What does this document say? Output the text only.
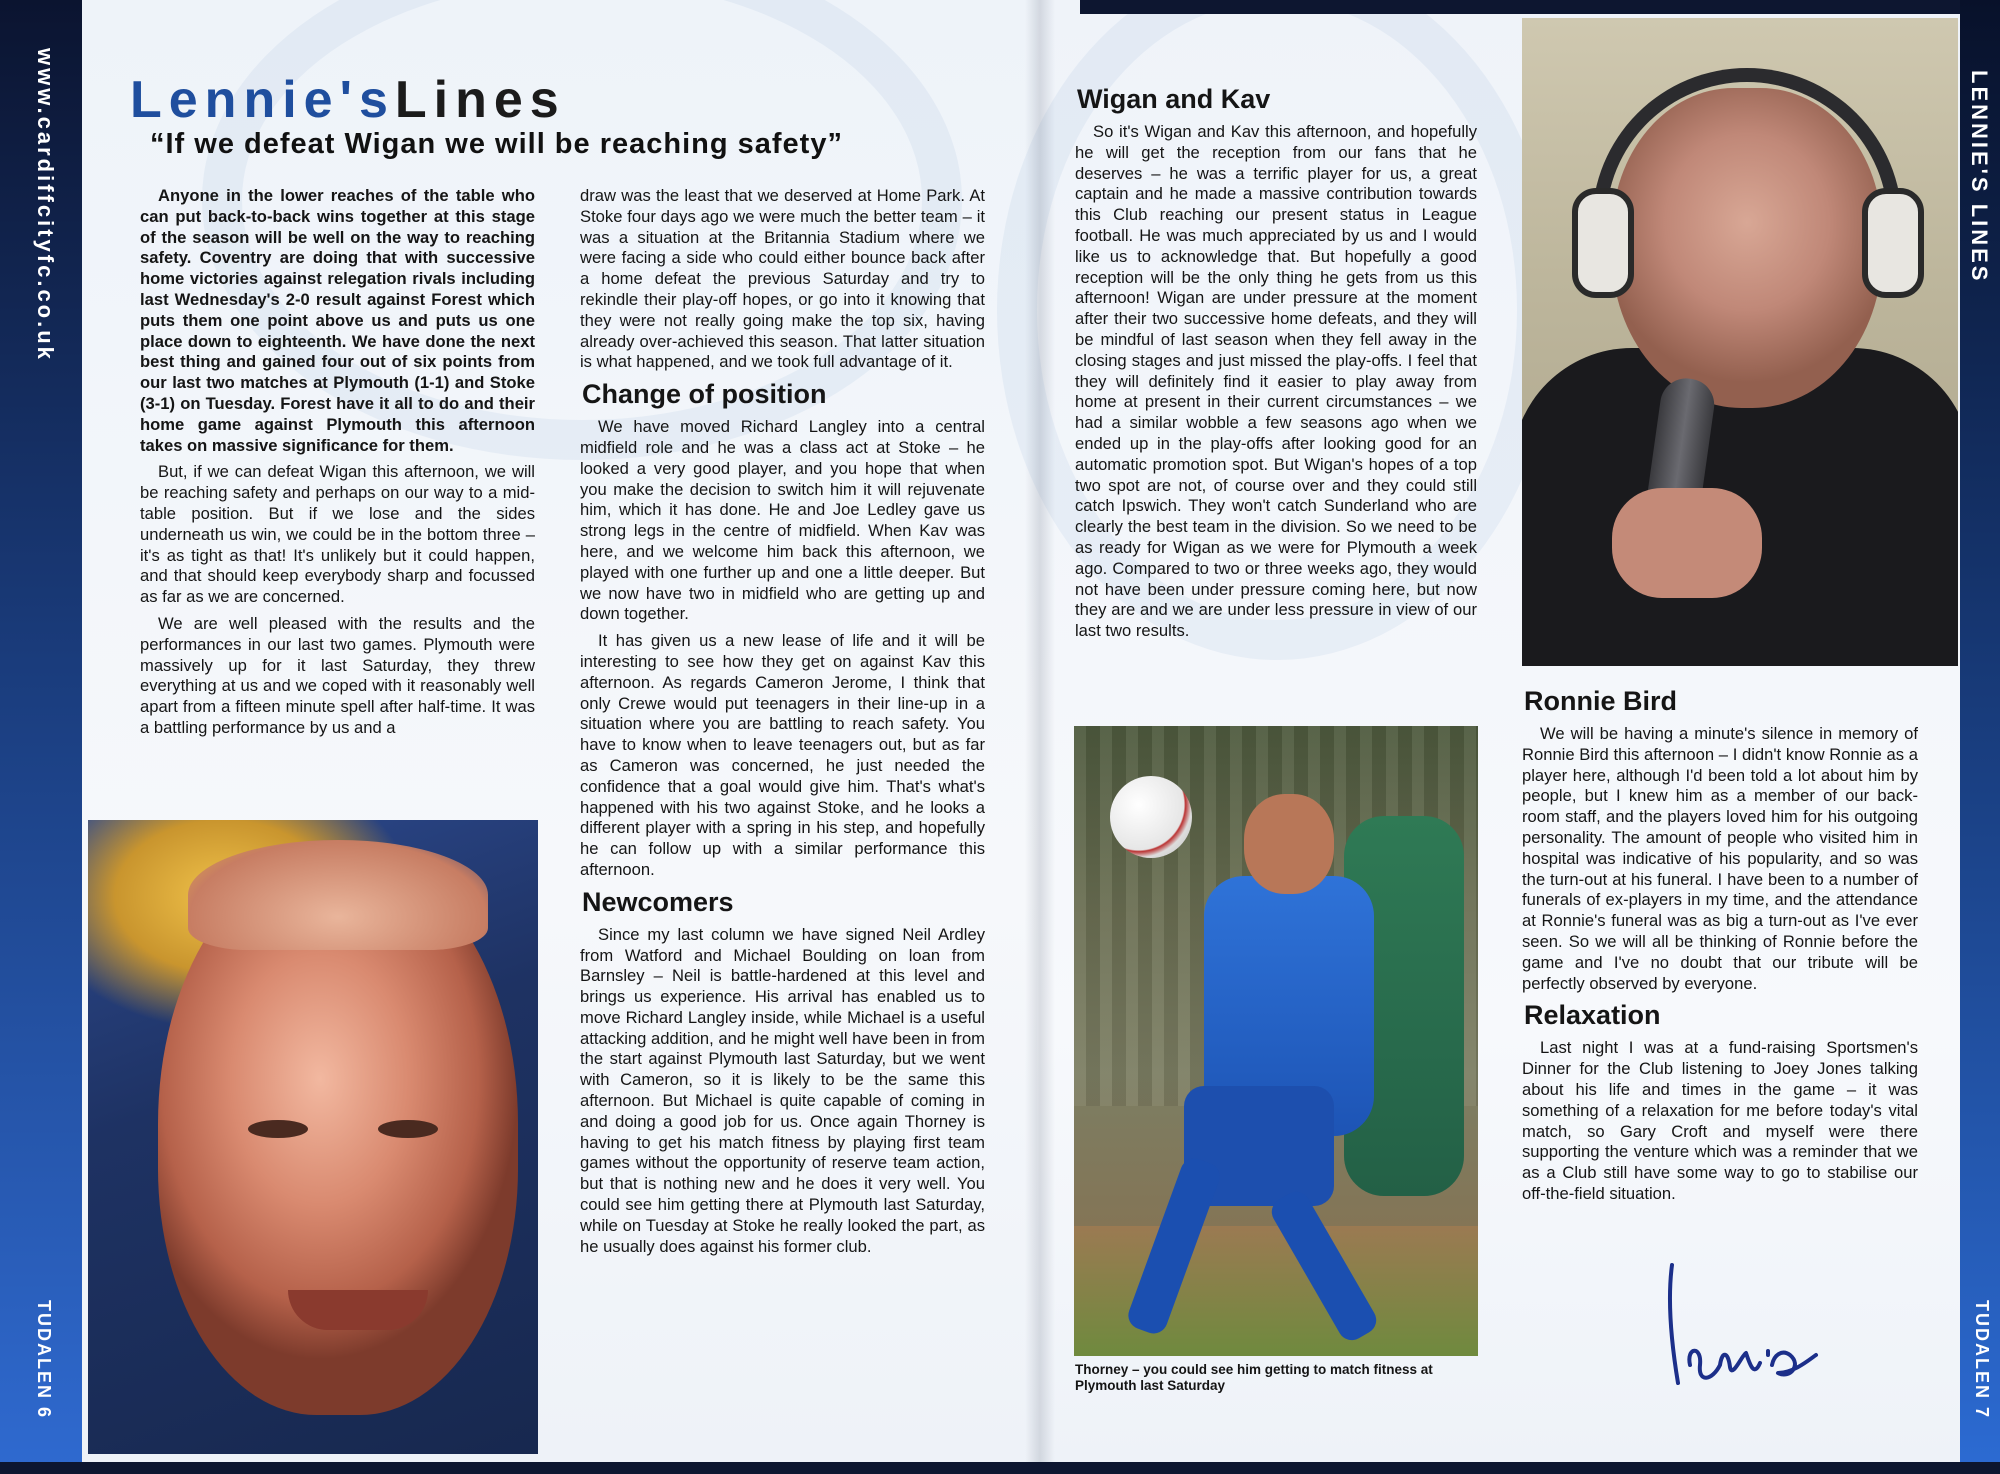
www.cardiffcityfc.co.uk
TUDALEN 6
LENNIE'S LINES
TUDALEN 7
Lennie'sLines
“If we defeat Wigan we will be reaching safety”

Anyone in the lower reaches of the table who can put back-to-back wins together at this stage of the season will be well on the way to reaching safety. Coventry are doing that with successive home victories against relegation rivals including last Wednesday's 2-0 result against Forest which puts them one point above us and puts us one place down to eighteenth. We have done the next best thing and gained four out of six points from our last two matches at Plymouth (1-1) and Stoke (3-1) on Tuesday. Forest have it all to do and their home game against Plymouth this afternoon takes on massive significance for them.

But, if we can defeat Wigan this afternoon, we will be reaching safety and perhaps on our way to a mid-table position. But if we lose and the sides underneath us win, we could be in the bottom three – it's as tight as that! It's unlikely but it could happen, and that should keep everybody sharp and focussed as far as we are concerned.

We are well pleased with the results and the performances in our last two games. Plymouth were massively up for it last Saturday, they threw everything at us and we coped with it reasonably well apart from a fifteen minute spell after half-time. It was a battling performance by us and a

draw was the least that we deserved at Home Park. At Stoke four days ago we were much the better team – it was a situation at the Britannia Stadium where we were facing a side who could either bounce back after a home defeat the previous Saturday and try to rekindle their play-off hopes, or go into it knowing that they were not really going make the top six, having already over-achieved this season. That latter situation is what happened, and we took full advantage of it.

Change of position

We have moved Richard Langley into a central midfield role and he was a class act at Stoke – he looked a very good player, and you hope that when you make the decision to switch him it will rejuvenate him, which it has done. He and Joe Ledley gave us strong legs in the centre of midfield. When Kav was here, and we welcome him back this afternoon, we played with one further up and one a little deeper. But we now have two in midfield who are getting up and down together.

It has given us a new lease of life and it will be interesting to see how they get on against Kav this afternoon. As regards Cameron Jerome, I think that only Crewe would put teenagers in their line-up in a situation where you are battling to reach safety. You have to know when to leave teenagers out, but as far as Cameron was concerned, he just needed the confidence that a goal would give him. That's what's happened with his two against Stoke, and he looks a different player with a spring in his step, and hopefully he can follow up with a similar performance this afternoon.

Newcomers

Since my last column we have signed Neil Ardley from Watford and Michael Boulding on loan from Barnsley – Neil is battle-hardened at this level and brings us experience. His arrival has enabled us to move Richard Langley inside, while Michael is a useful attacking addition, and he might well have been in from the start against Plymouth last Saturday, but we went with Cameron, so it is likely to be the same this afternoon. But Michael is quite capable of coming in and doing a good job for us. Once again Thorney is having to get his match fitness by playing first team games without the opportunity of reserve team action, but that is nothing new and he does it very well. You could see him getting there at Plymouth last Saturday, while on Tuesday at Stoke he really looked the part, as he usually does against his former club.

Wigan and Kav

So it's Wigan and Kav this afternoon, and hopefully he will get the reception from our fans that he deserves – he was a terrific player for us, a great captain and he made a massive contribution towards this Club reaching our present status in League football. He was much appreciated by us and I would like us to acknowledge that. But hopefully a good reception will be the only thing he gets from us this afternoon! Wigan are under pressure at the moment after their two successive home defeats, and they will be mindful of last season when they fell away in the closing stages and just missed the play-offs. I feel that they will definitely find it easier to play away from home at present in their current circumstances – we had a similar wobble a few seasons ago when we ended up in the play-offs after looking good for an automatic promotion spot. But Wigan's hopes of a top two spot are not, of course over and they could still catch Ipswich. They won't catch Sunderland who are clearly the best team in the division. So we need to be as ready for Wigan as we were for Plymouth a week ago. Compared to two or three weeks ago, they would not have been under pressure coming here, but now they are and we are under less pressure in view of our last two results.

Ronnie Bird

We will be having a minute's silence in memory of Ronnie Bird this afternoon – I didn't know Ronnie as a player here, although I'd been told a lot about him by people, but I knew him as a member of our back-room staff, and the players loved him for his outgoing personality. The amount of people who visited him in hospital was indicative of his popularity, and so was the turn-out at his funeral. I have been to a number of funerals of ex-players in my time, and the attendance at Ronnie's funeral was as big a turn-out as I've ever seen. So we will all be thinking of Ronnie before the game and I've no doubt that our tribute will be perfectly observed by everyone.

Relaxation

Last night I was at a fund-raising Sportsmen's Dinner for the Club listening to Joey Jones talking about his life and times in the game – it was something of a relaxation for me before today's vital match, so Gary Croft and myself were there supporting the venture which was a reminder that we as a Club still have some way to go to stabilise our off-the-field situation.

Thorney – you could see him getting to match fitness at Plymouth last Saturday
